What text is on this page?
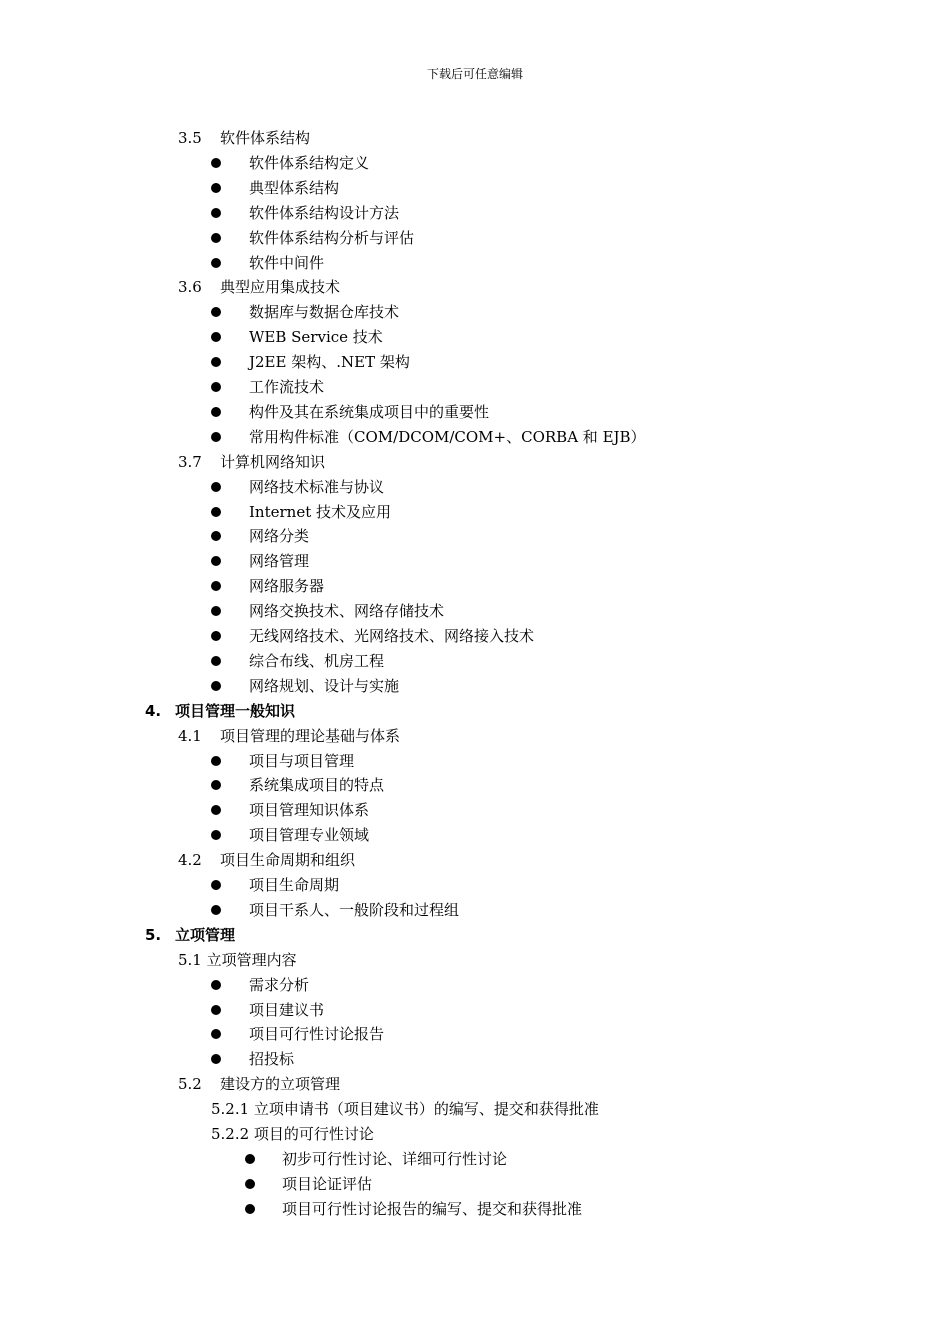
下载后可任意编辑
3.5 软件体系结构
软件体系结构定义
典型体系结构
软件体系结构设计方法
软件体系结构分析与评估
软件中间件
3.6 典型应用集成技术
数据库与数据仓库技术
WEB Service 技术
J2EE 架构、.NET 架构
工作流技术
构件及其在系统集成项目中的重要性
常用构件标准（COM/DCOM/COM+、CORBA 和 EJB）
3.7 计算机网络知识
网络技术标准与协议
Internet 技术及应用
网络分类
网络管理
网络服务器
网络交换技术、网络存储技术
无线网络技术、光网络技术、网络接入技术
综合布线、机房工程
网络规划、设计与实施
4. 项目管理一般知识
4.1 项目管理的理论基础与体系
项目与项目管理
系统集成项目的特点
项目管理知识体系
项目管理专业领域
4.2 项目生命周期和组织
项目生命周期
项目干系人、一般阶段和过程组
5. 立项管理
5.1 立项管理内容
需求分析
项目建议书
项目可行性讨论报告
招投标
5.2 建设方的立项管理
5.2.1 立项申请书（项目建议书）的编写、提交和获得批准
5.2.2 项目的可行性讨论
初步可行性讨论、详细可行性讨论
项目论证评估
项目可行性讨论报告的编写、提交和获得批准
